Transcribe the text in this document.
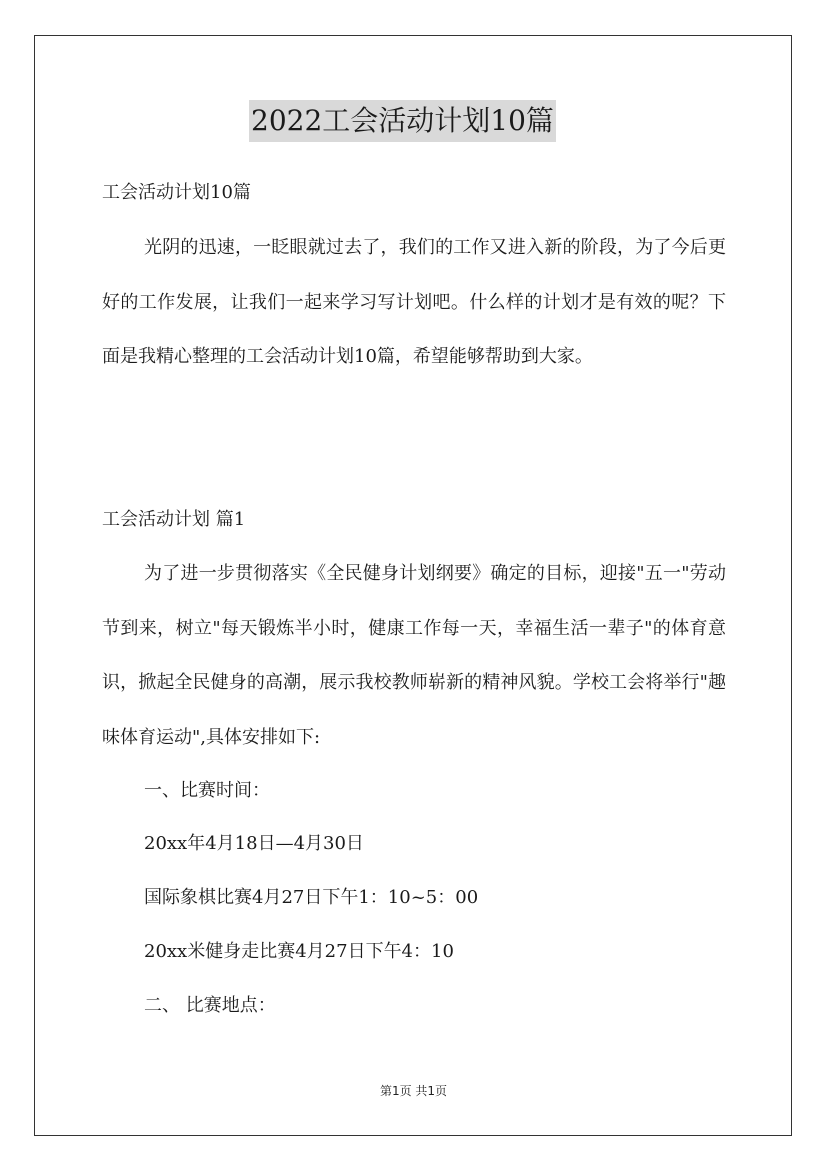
2022工会活动计划10篇
工会活动计划10篇

光阴的迅速，一眨眼就过去了，我们的工作又进入新的阶段，为了今后更好的工作发展，让我们一起来学习写计划吧。什么样的计划才是有效的呢？下面是我精心整理的工会活动计划10篇，希望能够帮助到大家。

工会活动计划 篇1

为了进一步贯彻落实《全民健身计划纲要》确定的目标，迎接"五一"劳动节到来，树立"每天锻炼半小时，健康工作每一天，幸福生活一辈子"的体育意识，掀起全民健身的高潮，展示我校教师崭新的精神风貌。学校工会将举行"趣味体育运动",具体安排如下:

一、比赛时间：
20xx年4月18日—4月30日
国际象棋比赛4月27日下午1：10~5：00
20xx米健身走比赛4月27日下午4：10
二、 比赛地点：
第1页 共1页
